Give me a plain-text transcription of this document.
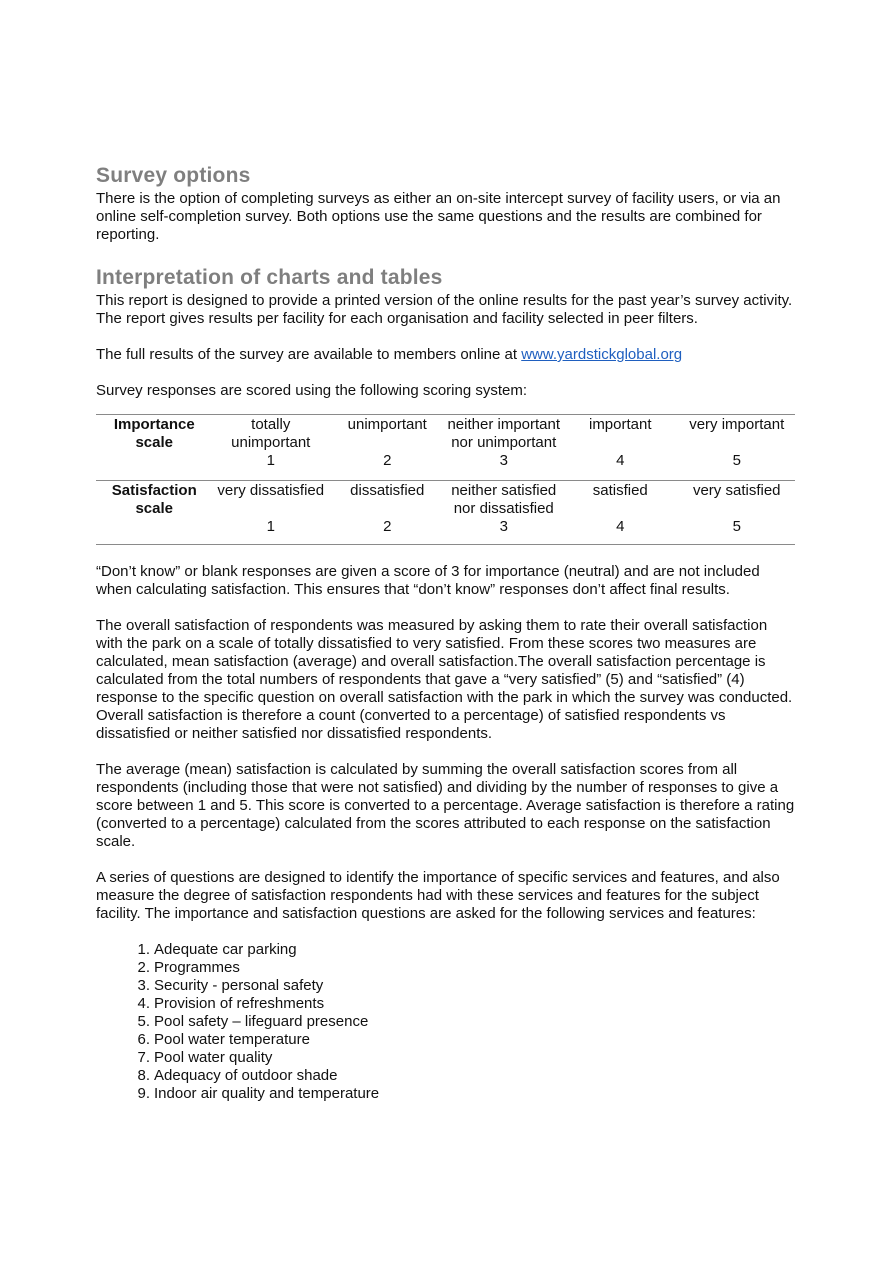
Survey options

There is the option of completing surveys as either an on-site intercept survey of facility users, or via an online self-completion survey. Both options use the same questions and the results are combined for reporting.

Interpretation of charts and tables

This report is designed to provide a printed version of the online results for the past year’s survey activity. The report gives results per facility for each organisation and facility selected in peer filters.

The full results of the survey are available to members online at www.yardstickglobal.org

Survey responses are scored using the following scoring system:

Importance scale	totally unimportant	unimportant	neither important nor unimportant	important	very important
	1	2	3	4	5
Satisfaction scale	very dissatisfied	dissatisfied	neither satisfied nor dissatisfied	satisfied	very satisfied
	1	2	3	4	5

“Don’t know” or blank responses are given a score of 3 for importance (neutral) and are not included when calculating satisfaction. This ensures that “don’t know” responses don’t affect final results.

The overall satisfaction of respondents was measured by asking them to rate their overall satisfaction with the park on a scale of totally dissatisfied to very satisfied. From these scores two measures are calculated, mean satisfaction (average) and overall satisfaction.The overall satisfaction percentage is calculated from the total numbers of respondents that gave a “very satisfied” (5) and “satisfied” (4) response to the specific question on overall satisfaction with the park in which the survey was conducted. Overall satisfaction is therefore a count (converted to a percentage) of satisfied respondents vs dissatisfied or neither satisfied nor dissatisfied respondents.

The average (mean) satisfaction is calculated by summing the overall satisfaction scores from all respondents (including those that were not satisfied) and dividing by the number of responses to give a score between 1 and 5. This score is converted to a percentage. Average satisfaction is therefore a rating (converted to a percentage) calculated from the scores attributed to each response on the satisfaction scale.

A series of questions are designed to identify the importance of specific services and features, and also measure the degree of satisfaction respondents had with these services and features for the subject facility. The importance and satisfaction questions are asked for the following services and features:

1. Adequate car parking
2. Programmes
3. Security - personal safety
4. Provision of refreshments
5. Pool safety – lifeguard presence
6. Pool water temperature
7. Pool water quality
8. Adequacy of outdoor shade
9. Indoor air quality and temperature
